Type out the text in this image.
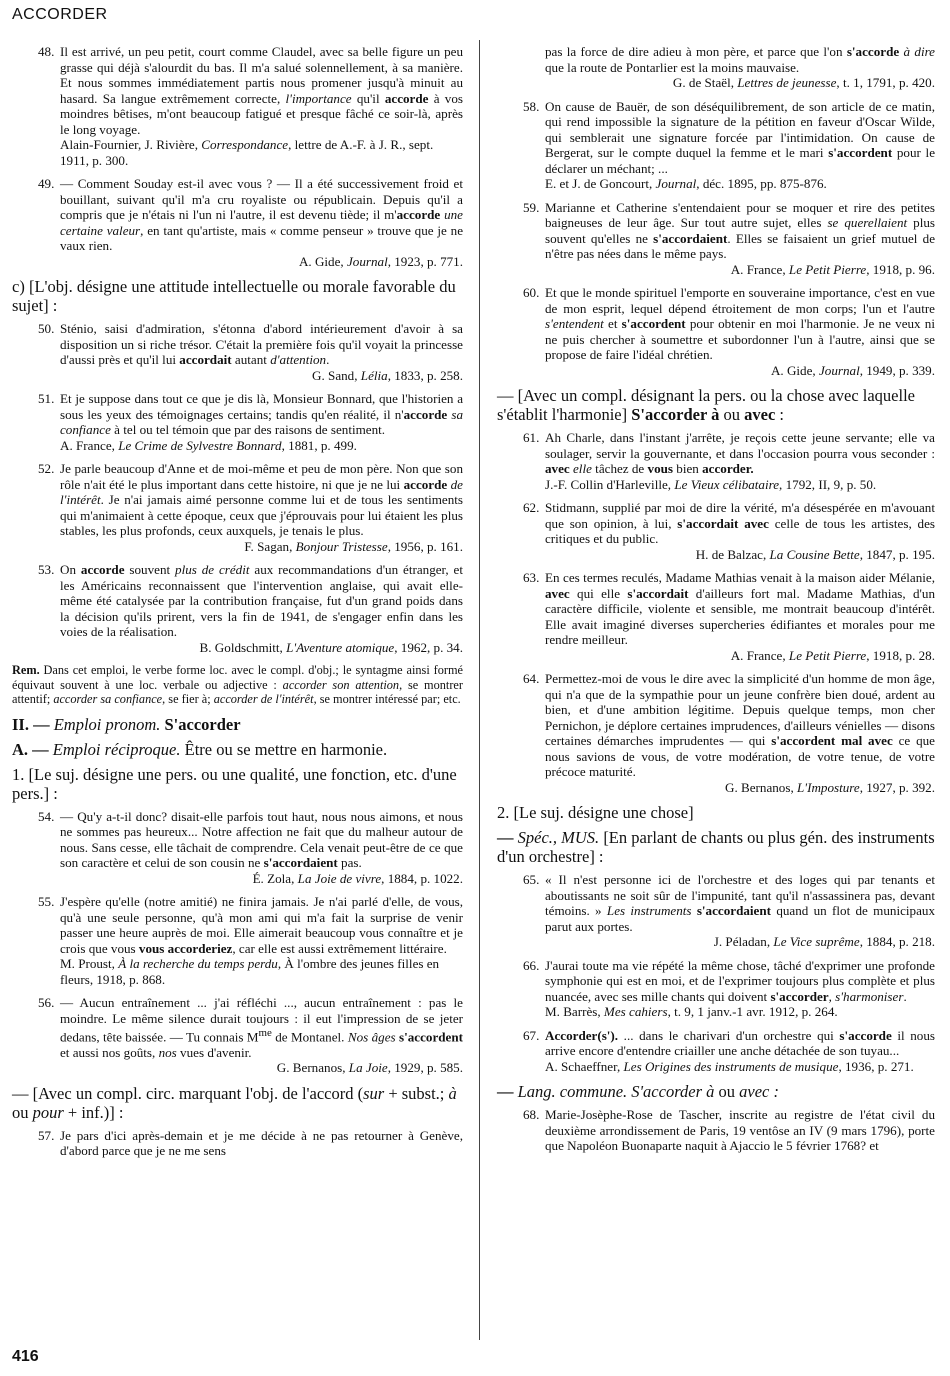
ACCORDER

48. Il est arrivé, un peu petit, court comme Claudel, avec sa belle figure un peu grasse qui déjà s'alourdit du bas. Il m'a salué solennellement, à sa manière. Et nous sommes immédiatement partis nous promener jusqu'à minuit au hasard. Sa langue extrêmement correcte, l'importance qu'il accorde à vos moindres bêtises, m'ont beaucoup fatigué et presque fâché ce soir-là, après le long voyage.
Alain-Fournier, J. Rivière, Correspondance, lettre de A.-F. à J. R., sept. 1911, p. 300.

49. — Comment Souday est-il avec vous ? — Il a été successivement froid et bouillant, suivant qu'il m'a cru royaliste ou républicain. Depuis qu'il a compris que je n'étais ni l'un ni l'autre, il est devenu tiède; il m'accorde une certaine valeur, en tant qu'artiste, mais « comme penseur » trouve que je ne vaux rien.
A. Gide, Journal, 1923, p. 771.

c) [L'obj. désigne une attitude intellectuelle ou morale favorable du sujet] :

50. Sténio, saisi d'admiration, s'étonna d'abord intérieurement d'avoir à sa disposition un si riche trésor. C'était la première fois qu'il voyait la princesse d'aussi près et qu'il lui accordait autant d'attention.
G. Sand, Lélia, 1833, p. 258.

51. Et je suppose dans tout ce que je dis là, Monsieur Bonnard, que l'historien a sous les yeux des témoignages certains; tandis qu'en réalité, il n'accorde sa confiance à tel ou tel témoin que par des raisons de sentiment.
A. France, Le Crime de Sylvestre Bonnard, 1881, p. 499.

52. Je parle beaucoup d'Anne et de moi-même et peu de mon père. Non que son rôle n'ait été le plus important dans cette histoire, ni que je ne lui accorde de l'intérêt. Je n'ai jamais aimé personne comme lui et de tous les sentiments qui m'animaient à cette époque, ceux que j'éprouvais pour lui étaient les plus stables, les plus profonds, ceux auxquels, je tenais le plus.
F. Sagan, Bonjour Tristesse, 1956, p. 161.

53. On accorde souvent plus de crédit aux recommandations d'un étranger, et les Américains reconnaissent que l'intervention anglaise, qui avait elle-même été catalysée par la contribution française, fut d'un grand poids dans la décision qu'ils prirent, vers la fin de 1941, de s'engager enfin dans les voies de la réalisation.
B. Goldschmitt, L'Aventure atomique, 1962, p. 34.

Rem. Dans cet emploi, le verbe forme loc. avec le compl. d'obj.; le syntagme ainsi formé équivaut souvent à une loc. verbale ou adjective : accorder son attention, se montrer attentif; accorder sa confiance, se fier à; accorder de l'intérêt, se montrer intéressé par; etc.

II. — Emploi pronom. S'accorder
A. — Emploi réciproque. Être ou se mettre en harmonie.
1. [Le suj. désigne une pers. ou une qualité, une fonction, etc. d'une pers.] :

54. — Qu'y a-t-il donc? disait-elle parfois tout haut, nous nous aimons, et nous ne sommes pas heureux... Notre affection ne fait que du malheur autour de nous. Sans cesse, elle tâchait de comprendre. Cela venait peut-être de ce que son caractère et celui de son cousin ne s'accordaient pas.
É. Zola, La Joie de vivre, 1884, p. 1022.

55. J'espère qu'elle (notre amitié) ne finira jamais. Je n'ai parlé d'elle, de vous, qu'à une seule personne, qu'à mon ami qui m'a fait la surprise de venir passer une heure auprès de moi. Elle aimerait beaucoup vous connaître et je crois que vous vous accorderiez, car elle est aussi extrêmement littéraire.
M. Proust, À la recherche du temps perdu, À l'ombre des jeunes filles en fleurs, 1918, p. 868.

56. — Aucun entraînement ... j'ai réfléchi ..., aucun entraînement : pas le moindre. Le même silence durait toujours : il eut l'impression de se jeter dedans, tête baissée. — Tu connais $M^{me}$ de Montanel. Nos âges s'accordent et aussi nos goûts, nos vues d'avenir.
G. Bernanos, La Joie, 1929, p. 585.

— [Avec un compl. circ. marquant l'obj. de l'accord (sur + subst.; à ou pour + inf.)] :

57. Je pars d'ici après-demain et je me décide à ne pas retourner à Genève, d'abord parce que je ne me sens

pas la force de dire adieu à mon père, et parce que l'on s'accorde à dire que la route de Pontarlier est la moins mauvaise.
G. de Staël, Lettres de jeunesse, t. 1, 1791, p. 420.

58. On cause de Bauër, de son déséquilibrement, de son article de ce matin, qui rend impossible la signature de la pétition en faveur d'Oscar Wilde, qui semblerait une signature forcée par l'intimidation. On cause de Bergerat, sur le compte duquel la femme et le mari s'accordent pour le déclarer un méchant; ...
E. et J. de Goncourt, Journal, déc. 1895, pp. 875-876.

59. Marianne et Catherine s'entendaient pour se moquer et rire des petites baigneuses de leur âge. Sur tout autre sujet, elles se querellaient plus souvent qu'elles ne s'accordaient. Elles se faisaient un grief mutuel de n'être pas nées dans le même pays.
A. France, Le Petit Pierre, 1918, p. 96.

60. Et que le monde spirituel l'emporte en souveraine importance, c'est en vue de mon esprit, lequel dépend étroitement de mon corps; l'un et l'autre s'entendent et s'accordent pour obtenir en moi l'harmonie. Je ne veux ni ne puis chercher à soumettre et subordonner l'un à l'autre, ainsi que se propose de faire l'idéal chrétien.
A. Gide, Journal, 1949, p. 339.

— [Avec un compl. désignant la pers. ou la chose avec laquelle s'établit l'harmonie] S'accorder à ou avec :

61. Ah Charle, dans l'instant j'arrête, je reçois cette jeune servante; elle va soulager, servir la gouvernante, et dans l'occasion pourra vous seconder : avec elle tâchez de vous bien accorder.
J.-F. Collin d'Harleville, Le Vieux célibataire, 1792, II, 9, p. 50.

62. Stidmann, supplié par moi de dire la vérité, m'a désespérée en m'avouant que son opinion, à lui, s'accordait avec celle de tous les artistes, des critiques et du public.
H. de Balzac, La Cousine Bette, 1847, p. 195.

63. En ces termes reculés, Madame Mathias venait à la maison aider Mélanie, avec qui elle s'accordait d'ailleurs fort mal. Madame Mathias, d'un caractère difficile, violente et sensible, me montrait beaucoup d'intérêt. Elle avait imaginé diverses supercheries édifiantes et morales pour me rendre meilleur.
A. France, Le Petit Pierre, 1918, p. 28.

64. Permettez-moi de vous le dire avec la simplicité d'un homme de mon âge, qui n'a que de la sympathie pour un jeune confrère bien doué, ardent au bien, et d'une ambition légitime. Depuis quelque temps, mon cher Pernichon, je déplore certaines imprudences, d'ailleurs vénielles — disons certaines démarches imprudentes — qui s'accordent mal avec ce que nous savions de vous, de votre modération, de votre tenue, de votre précoce maturité.
G. Bernanos, L'Imposture, 1927, p. 392.

2. [Le suj. désigne une chose]
— Spéc., MUS. [En parlant de chants ou plus gén. des instruments d'un orchestre] :

65. « Il n'est personne ici de l'orchestre et des loges qui par tenants et aboutissants ne soit sûr de l'impunité, tant qu'il n'assassinera pas, devant témoins. » Les instruments s'accordaient quand un flot de municipaux parut aux portes.
J. Péladan, Le Vice suprême, 1884, p. 218.

66. J'aurai toute ma vie répété la même chose, tâché d'exprimer une profonde symphonie qui est en moi, et de l'exprimer toujours plus complète et plus nuancée, avec ses mille chants qui doivent s'accorder, s'harmoniser.
M. Barrès, Mes cahiers, t. 9, 1 janv.-1 avr. 1912, p. 264.

67. Accorder(s'). ... dans le charivari d'un orchestre qui s'accorde il nous arrive encore d'entendre criailler une anche détachée de son tuyau...
A. Schaeffner, Les Origines des instruments de musique, 1936, p. 271.

— Lang. commune. S'accorder à ou avec :

68. Marie-Josèphe-Rose de Tascher, inscrite au registre de l'état civil du deuxième arrondissement de Paris, 19 ventôse an IV (9 mars 1796), porte que Napoléon Buonaparte naquit à Ajaccio le 5 février 1768? et

416
